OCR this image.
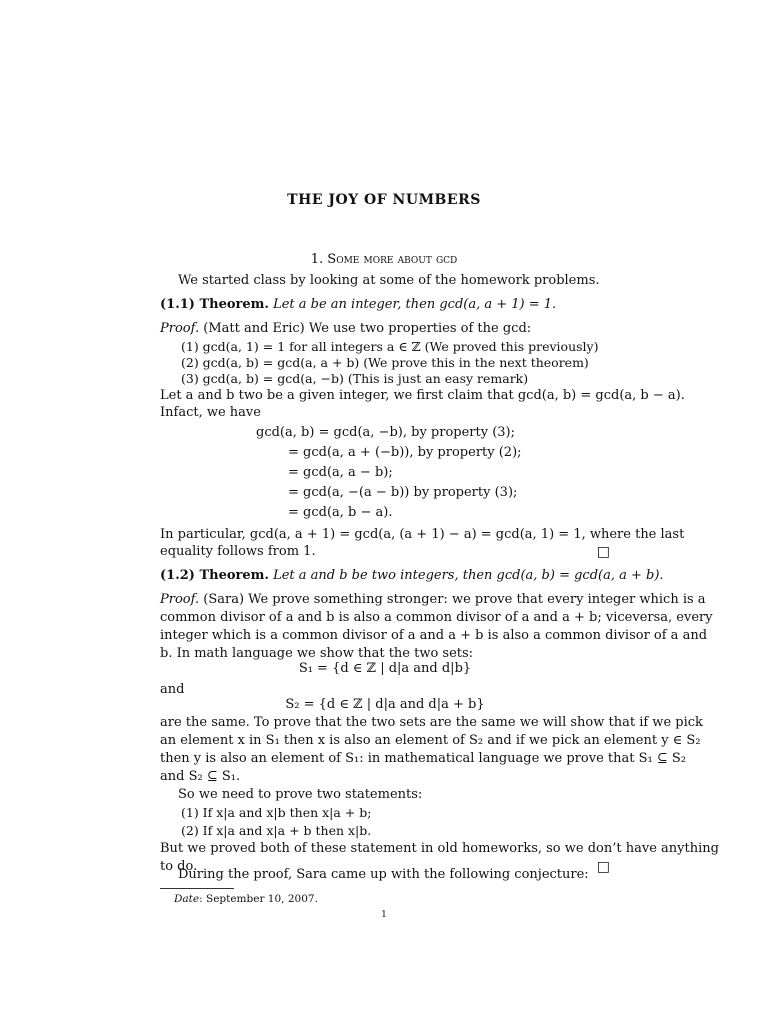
THE JOY OF NUMBERS
1. Some more about gcd
We started class by looking at some of the homework problems.
(1.1) Theorem. Let a be an integer, then gcd(a, a + 1) = 1.
Proof. (Matt and Eric) We use two properties of the gcd:
(1) gcd(a, 1) = 1 for all integers a ∈ ℤ (We proved this previously)
(2) gcd(a, b) = gcd(a, a + b) (We prove this in the next theorem)
(3) gcd(a, b) = gcd(a, −b) (This is just an easy remark)
Let a and b two be a given integer, we first claim that gcd(a, b) = gcd(a, b − a).
Infact, we have
gcd(a, b) = gcd(a, −b), by property (3);
= gcd(a, a + (−b)), by property (2);
= gcd(a, a − b);
= gcd(a, −(a − b)) by property (3);
= gcd(a, b − a).
In particular, gcd(a, a + 1) = gcd(a, (a + 1) − a) = gcd(a, 1) = 1, where the last
equality follows from 1.	□
(1.2) Theorem. Let a and b be two integers, then gcd(a, b) = gcd(a, a + b).
Proof. (Sara) We prove something stronger: we prove that every integer which is a
common divisor of a and b is also a common divisor of a and a + b; viceversa, every
integer which is a common divisor of a and a + b is also a common divisor of a and
b. In math language we show that the two sets:
S₁ = {d ∈ ℤ | d|a and d|b}
and
S₂ = {d ∈ ℤ | d|a and d|a + b}
are the same. To prove that the two sets are the same we will show that if we pick
an element x in S₁ then x is also an element of S₂ and if we pick an element y ∈ S₂
then y is also an element of S₁: in mathematical language we prove that S₁ ⊆ S₂
and S₂ ⊆ S₁.
So we need to prove two statements:
(1) If x|a and x|b then x|a + b;
(2) If x|a and x|a + b then x|b.
But we proved both of these statement in old homeworks, so we don’t have anything
to do.	□
During the proof, Sara came up with the following conjecture:
Date: September 10, 2007.
1
